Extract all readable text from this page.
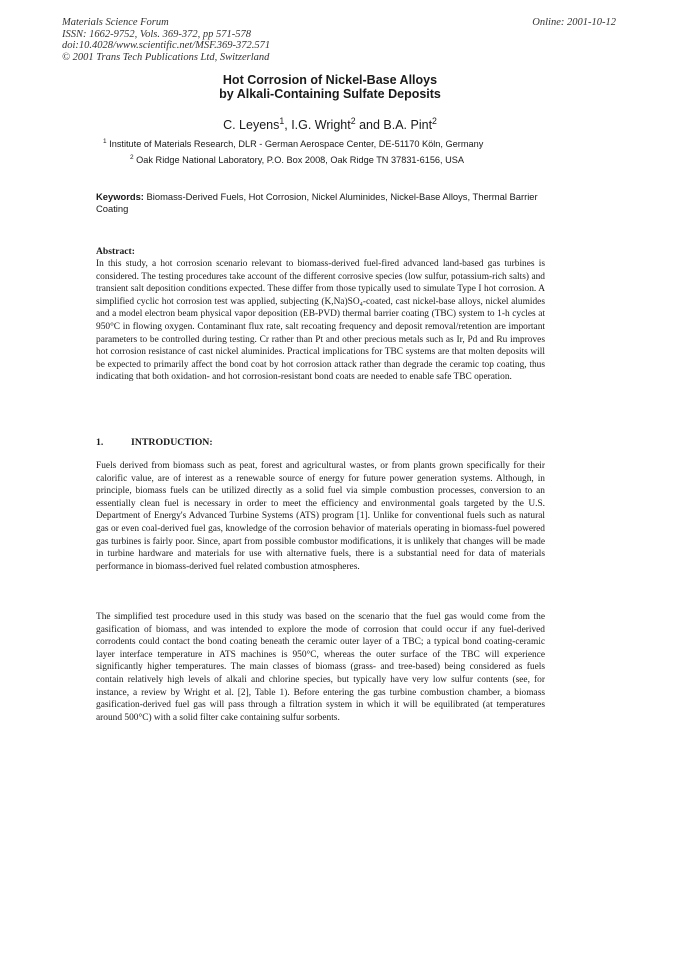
Materials Science Forum
ISSN: 1662-9752, Vols. 369-372, pp 571-578
doi:10.4028/www.scientific.net/MSF.369-372.571
© 2001 Trans Tech Publications Ltd, Switzerland
Online: 2001-10-12
Hot Corrosion of Nickel-Base Alloys
by Alkali-Containing Sulfate Deposits
C. Leyens$^1$, I.G. Wright$^2$ and B.A. Pint$^2$
$^1$ Institute of Materials Research, DLR - German Aerospace Center, DE-51170 Köln, Germany
$^2$ Oak Ridge National Laboratory, P.O. Box 2008, Oak Ridge TN 37831-6156, USA
Keywords: Biomass-Derived Fuels, Hot Corrosion, Nickel Aluminides, Nickel-Base Alloys, Thermal Barrier Coating
Abstract:
In this study, a hot corrosion scenario relevant to biomass-derived fuel-fired advanced land-based gas turbines is considered. The testing procedures take account of the different corrosive species (low sulfur, potassium-rich salts) and transient salt deposition conditions expected. These differ from those typically used to simulate Type I hot corrosion. A simplified cyclic hot corrosion test was applied, subjecting (K,Na)SO₄-coated, cast nickel-base alloys, nickel alumides and a model electron beam physical vapor deposition (EB-PVD) thermal barrier coating (TBC) system to 1-h cycles at 950°C in flowing oxygen. Contaminant flux rate, salt recoating frequency and deposit removal/retention are important parameters to be controlled during testing. Cr rather than Pt and other precious metals such as Ir, Pd and Ru improves hot corrosion resistance of cast nickel aluminides. Practical implications for TBC systems are that molten deposits will be expected to primarily affect the bond coat by hot corrosion attack rather than degrade the ceramic top coating, thus indicating that both oxidation- and hot corrosion-resistant bond coats are needed to enable safe TBC operation.
1.	INTRODUCTION:
Fuels derived from biomass such as peat, forest and agricultural wastes, or from plants grown specifically for their calorific value, are of interest as a renewable source of energy for future power generation systems. Although, in principle, biomass fuels can be utilized directly as a solid fuel via simple combustion processes, conversion to an essentially clean fuel is necessary in order to meet the efficiency and environmental goals targeted by the U.S. Department of Energy's Advanced Turbine Systems (ATS) program [1]. Unlike for conventional fuels such as natural gas or even coal-derived fuel gas, knowledge of the corrosion behavior of materials operating in biomass-fuel powered gas turbines is fairly poor. Since, apart from possible combustor modifications, it is unlikely that changes will be made in turbine hardware and materials for use with alternative fuels, there is a substantial need for data of materials performance in biomass-derived fuel related combustion atmospheres.
The simplified test procedure used in this study was based on the scenario that the fuel gas would come from the gasification of biomass, and was intended to explore the mode of corrosion that could occur if any fuel-derived corrodents could contact the bond coating beneath the ceramic outer layer of a TBC; a typical bond coating-ceramic layer interface temperature in ATS machines is 950°C, whereas the outer surface of the TBC will experience significantly higher temperatures. The main classes of biomass (grass- and tree-based) being considered as fuels contain relatively high levels of alkali and chlorine species, but typically have very low sulfur contents (see, for instance, a review by Wright et al. [2], Table 1). Before entering the gas turbine combustion chamber, a biomass gasification-derived fuel gas will pass through a filtration system in which it will be equilibrated (at temperatures around 500°C) with a solid filter cake containing sulfur sorbents.
